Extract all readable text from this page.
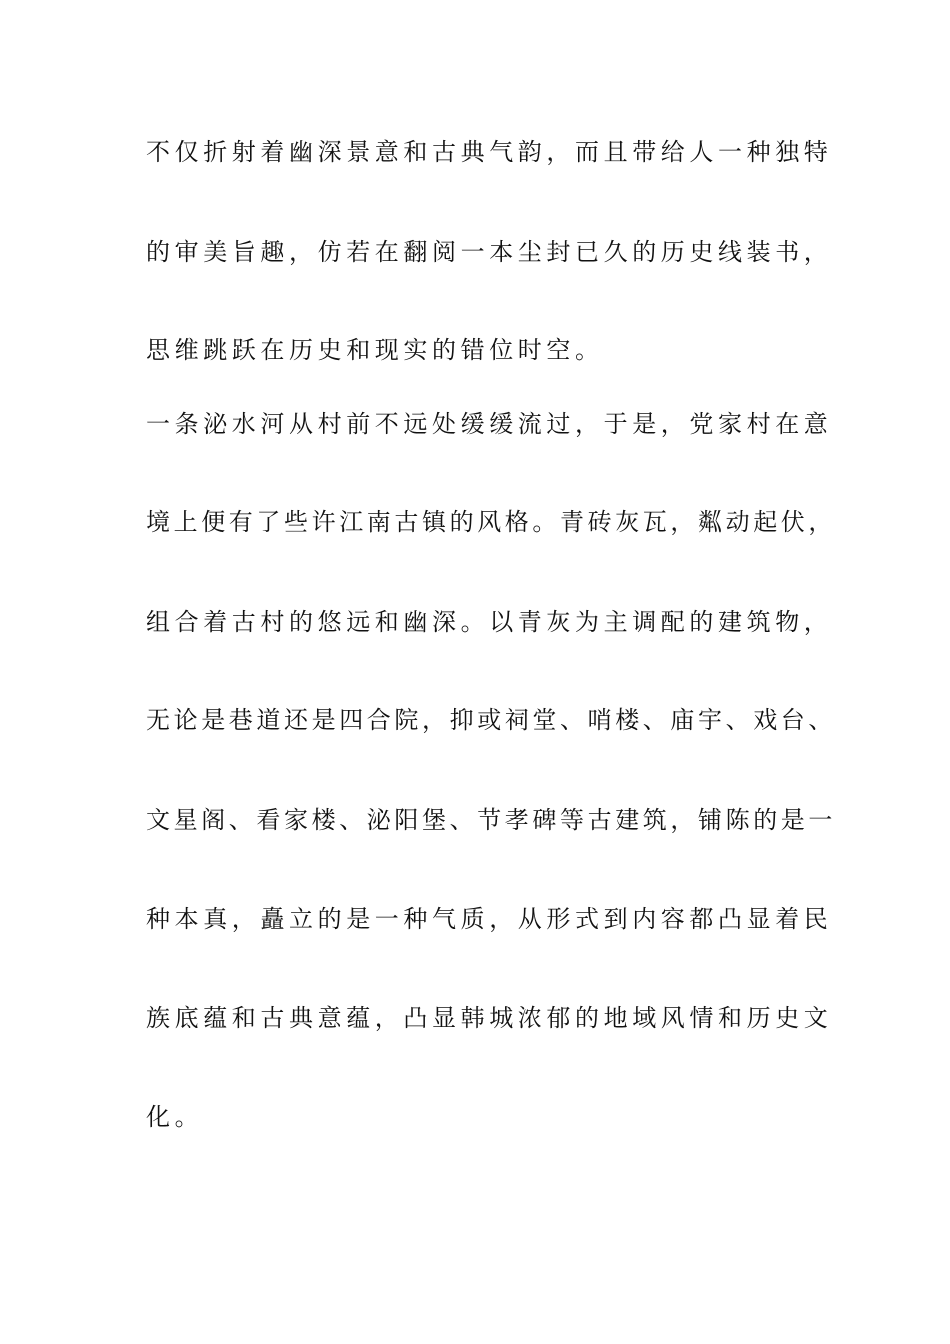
不仅折射着幽深景意和古典气韵，而且带给人一种独特
的审美旨趣，仿若在翻阅一本尘封已久的历史线装书，
思维跳跃在历史和现实的错位时空。
一条泌水河从村前不远处缓缓流过，于是，党家村在意
境上便有了些许江南古镇的风格。青砖灰瓦，粼动起伏，
组合着古村的悠远和幽深。以青灰为主调配的建筑物，
无论是巷道还是四合院，抑或祠堂、哨楼、庙宇、戏台、
文星阁、看家楼、泌阳堡、节孝碑等古建筑，铺陈的是一
种本真，矗立的是一种气质，从形式到内容都凸显着民
族底蕴和古典意蕴，凸显韩城浓郁的地域风情和历史文
化。
